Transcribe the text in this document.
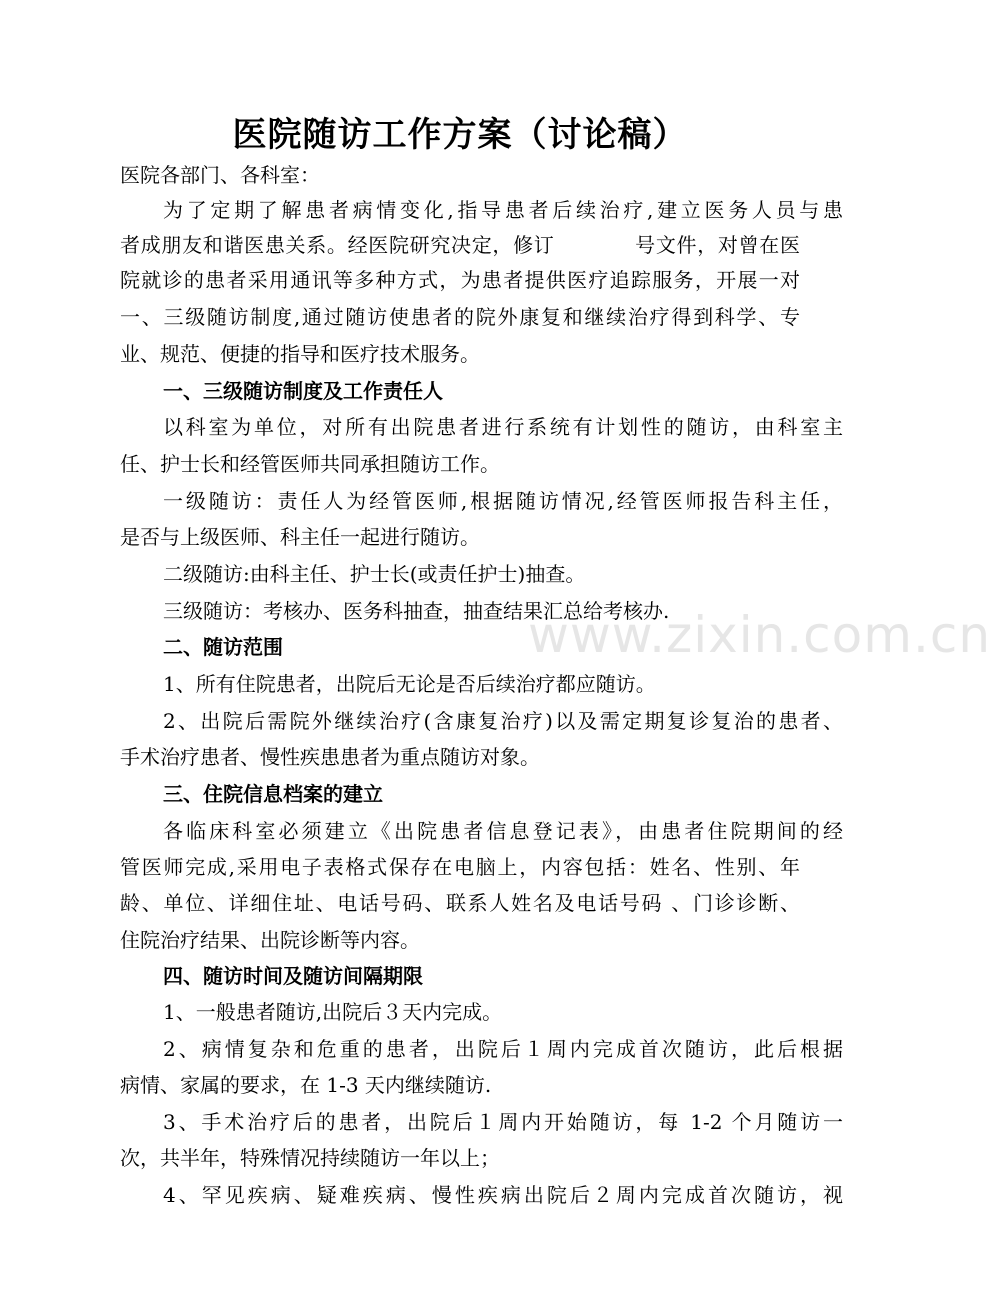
医院随访工作方案（讨论稿）
医院各部门、各科室：
为了定期了解患者病情变化,指导患者后续治疗,建立医务人员与患
者成朋友和谐医患关系。经医院研究决定，修订	号文件，对曾在医
院就诊的患者采用通讯等多种方式，为患者提供医疗追踪服务，开展一对
一、三级随访制度,通过随访使患者的院外康复和继续治疗得到科学、专
业、规范、便捷的指导和医疗技术服务。
一、三级随访制度及工作责任人
以科室为单位，对所有出院患者进行系统有计划性的随访，由科室主
任、护士长和经管医师共同承担随访工作。
一级随访：责任人为经管医师,根据随访情况,经管医师报告科主任，
是否与上级医师、科主任一起进行随访。
二级随访:由科主任、护士长(或责任护士)抽查。
三级随访：考核办、医务科抽查，抽查结果汇总给考核办.
二、随访范围
1、所有住院患者，出院后无论是否后续治疗都应随访。
2、出院后需院外继续治疗(含康复治疗)以及需定期复诊复治的患者、
手术治疗患者、慢性疾患患者为重点随访对象。
三、住院信息档案的建立
各临床科室必须建立《出院患者信息登记表》，由患者住院期间的经
管医师完成,采用电子表格式保存在电脑上，内容包括：姓名、性别、年
龄、单位、详细住址、电话号码、联系人姓名及电话号码 、门诊诊断、
住院治疗结果、出院诊断等内容。
四、随访时间及随访间隔期限
1、一般患者随访,出院后３天内完成。
2、病情复杂和危重的患者，出院后１周内完成首次随访，此后根据
病情、家属的要求，在 1-3 天内继续随访.
3、手术治疗后的患者，出院后１周内开始随访，每 1-2 个月随访一
次，共半年，特殊情况持续随访一年以上；
4、罕见疾病、疑难疾病、慢性疾病出院后２周内完成首次随访，视
www.zixin.com.cn
